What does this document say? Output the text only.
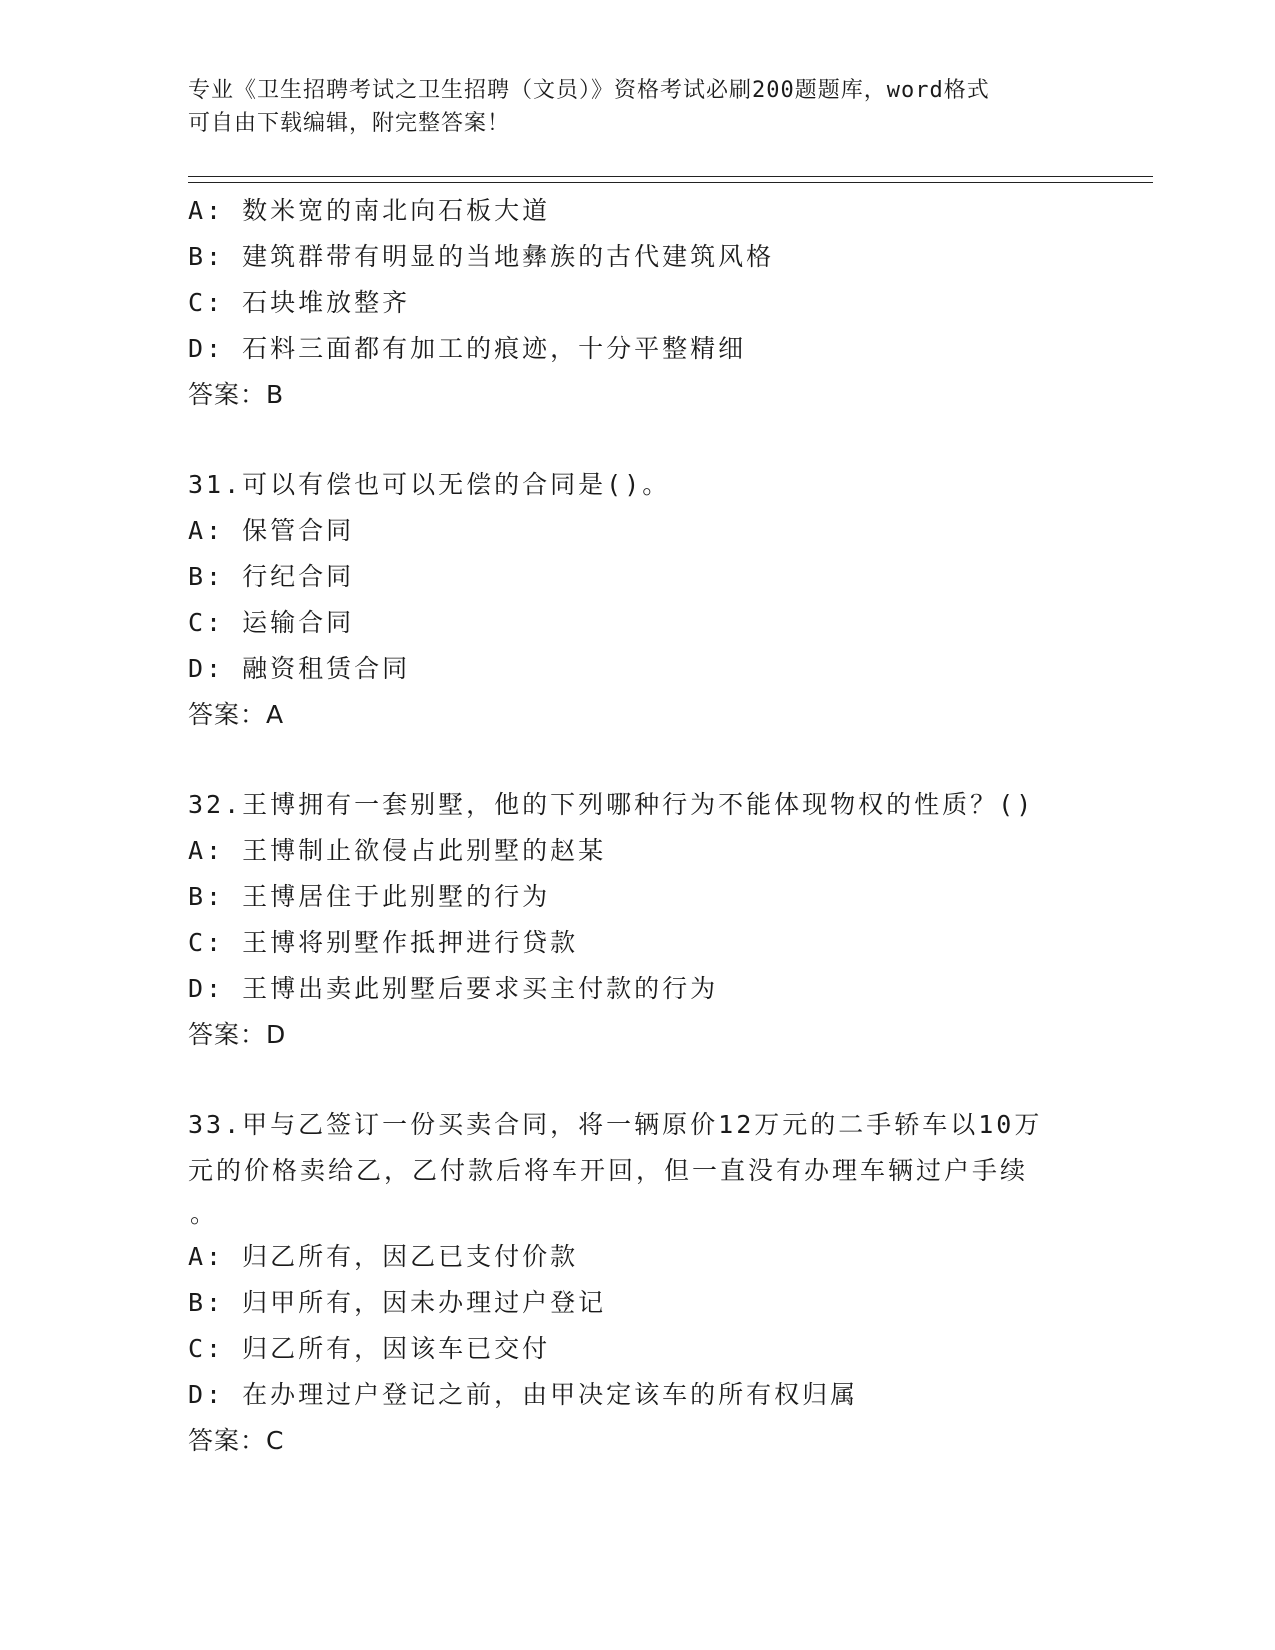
专业《卫生招聘考试之卫生招聘（文员）》资格考试必刷200题题库，word格式
可自由下载编辑，附完整答案！
A: 数米宽的南北向石板大道
B: 建筑群带有明显的当地彝族的古代建筑风格
C: 石块堆放整齐
D: 石料三面都有加工的痕迹，十分平整精细
答案：B
31.可以有偿也可以无偿的合同是()。
A: 保管合同
B: 行纪合同
C: 运输合同
D: 融资租赁合同
答案：A
32.王博拥有一套别墅，他的下列哪种行为不能体现物权的性质？()
A: 王博制止欲侵占此别墅的赵某
B: 王博居住于此别墅的行为
C: 王博将别墅作抵押进行贷款
D: 王博出卖此别墅后要求买主付款的行为
答案：D
33.甲与乙签订一份买卖合同，将一辆原价12万元的二手轿车以10万
元的价格卖给乙，乙付款后将车开回，但一直没有办理车辆过户手续
。
A: 归乙所有，因乙已支付价款
B: 归甲所有，因未办理过户登记
C: 归乙所有，因该车已交付
D: 在办理过户登记之前，由甲决定该车的所有权归属
答案：C
